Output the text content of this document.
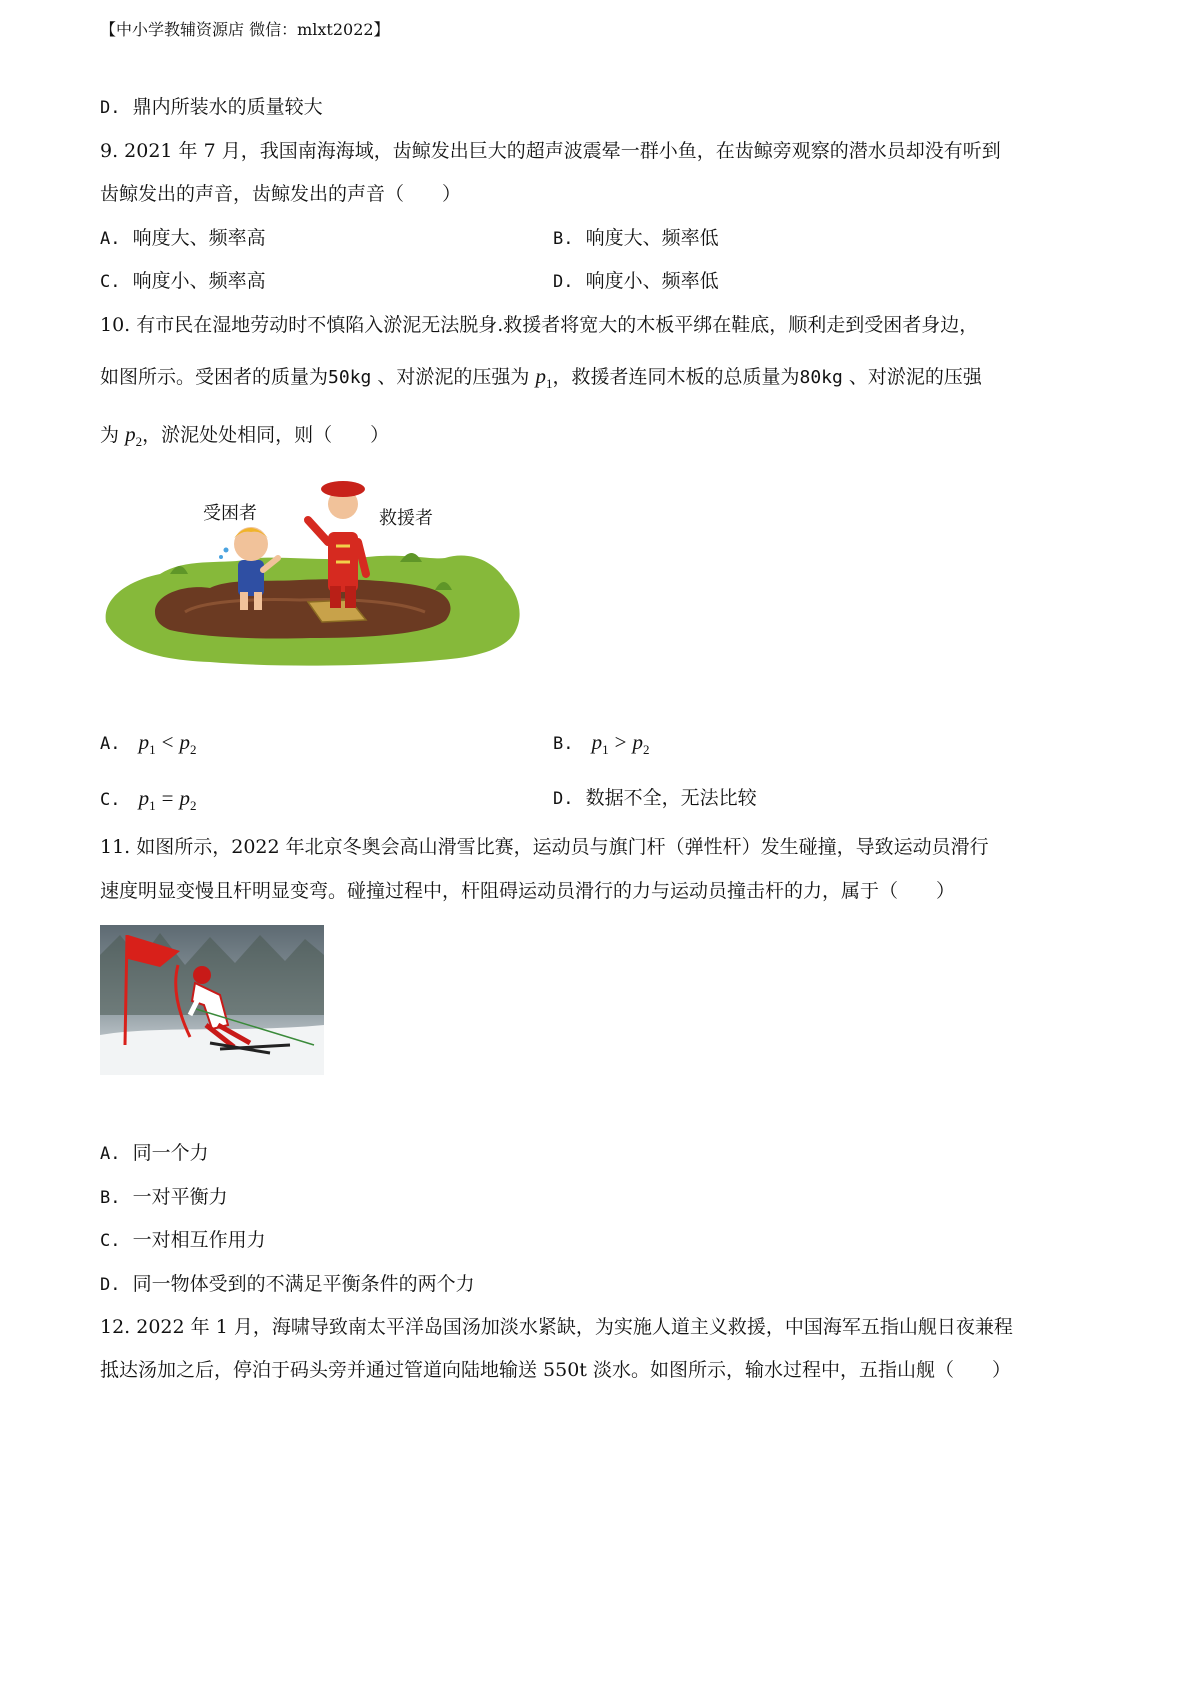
【中小学教辅资源店 微信：mlxt2022】
D. 鼎内所装水的质量较大
9. 2021 年 7 月，我国南海海域，齿鲸发出巨大的超声波震晕一群小鱼，在齿鲸旁观察的潜水员却没有听到
齿鲸发出的声音，齿鲸发出的声音（　　）
A. 响度大、频率高	B. 响度大、频率低
C. 响度小、频率高	D. 响度小、频率低
10. 有市民在湿地劳动时不慎陷入淤泥无法脱身.救援者将宽大的木板平绑在鞋底，顺利走到受困者身边，
如图所示。受困者的质量为50kg 、对淤泥的压强为 $p_1$，救援者连同木板的总质量为80kg 、对淤泥的压强
为 $p_2$，淤泥处处相同，则（　　）
受困者	救援者
A. $p_1 < p_2$	B. $p_1 > p_2$
C. $p_1 = p_2$	D. 数据不全，无法比较
11. 如图所示，2022 年北京冬奥会高山滑雪比赛，运动员与旗门杆（弹性杆）发生碰撞，导致运动员滑行
速度明显变慢且杆明显变弯。碰撞过程中，杆阻碍运动员滑行的力与运动员撞击杆的力，属于（　　）
A. 同一个力
B. 一对平衡力
C. 一对相互作用力
D. 同一物体受到的不满足平衡条件的两个力
12. 2022 年 1 月，海啸导致南太平洋岛国汤加淡水紧缺，为实施人道主义救援，中国海军五指山舰日夜兼程
抵达汤加之后，停泊于码头旁并通过管道向陆地输送 550t 淡水。如图所示，输水过程中，五指山舰（　　）
